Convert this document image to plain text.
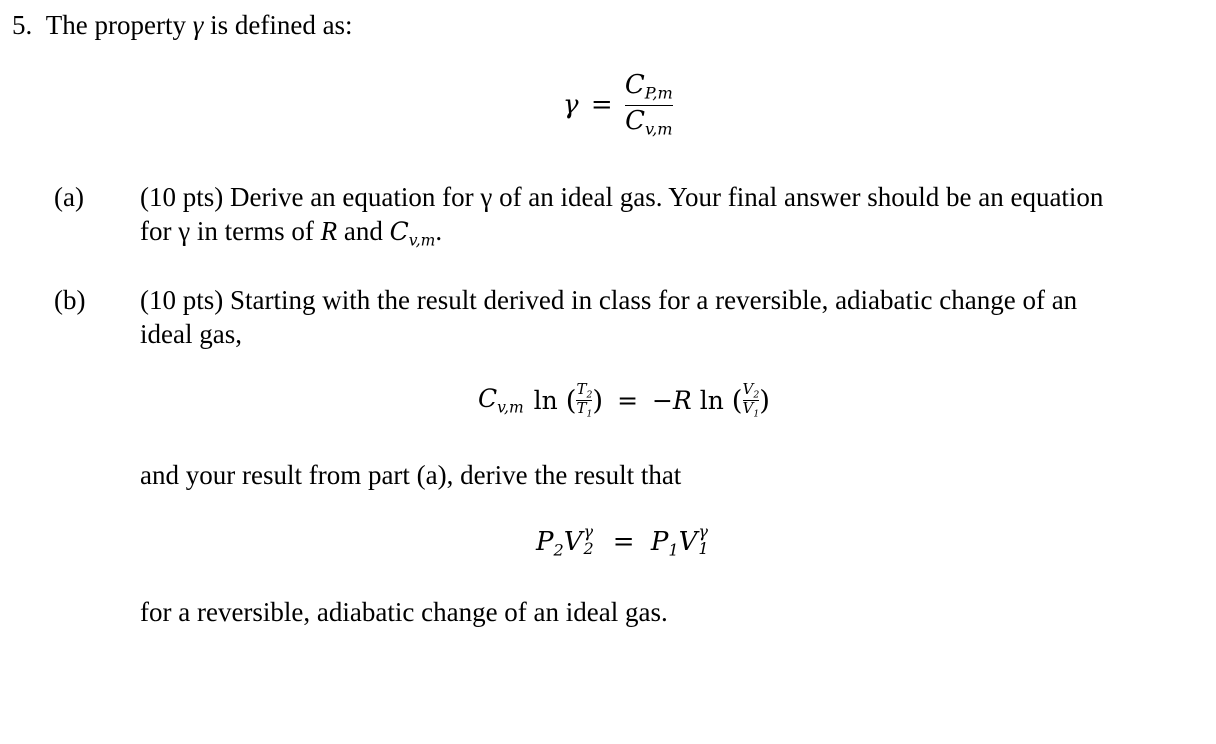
5. The property γ is defined as:
$\gamma = \frac{C_{P,m}}{C_{v,m}}$
(a) (10 pts) Derive an equation for γ of an ideal gas. Your final answer should be an equation
for γ in terms of R and $C_{v,m}$.
(b) (10 pts) Starting with the result derived in class for a reversible, adiabatic change of an
ideal gas,
$C_{v,m}$ ln ( $\frac{T_2}{T_1}$ ) = −R ln ( $\frac{V_2}{V_1}$ )
and your result from part (a), derive the result that
$P_2V$ γ
$2 = P_1V$ γ
1
for a reversible, adiabatic change of an ideal gas.
